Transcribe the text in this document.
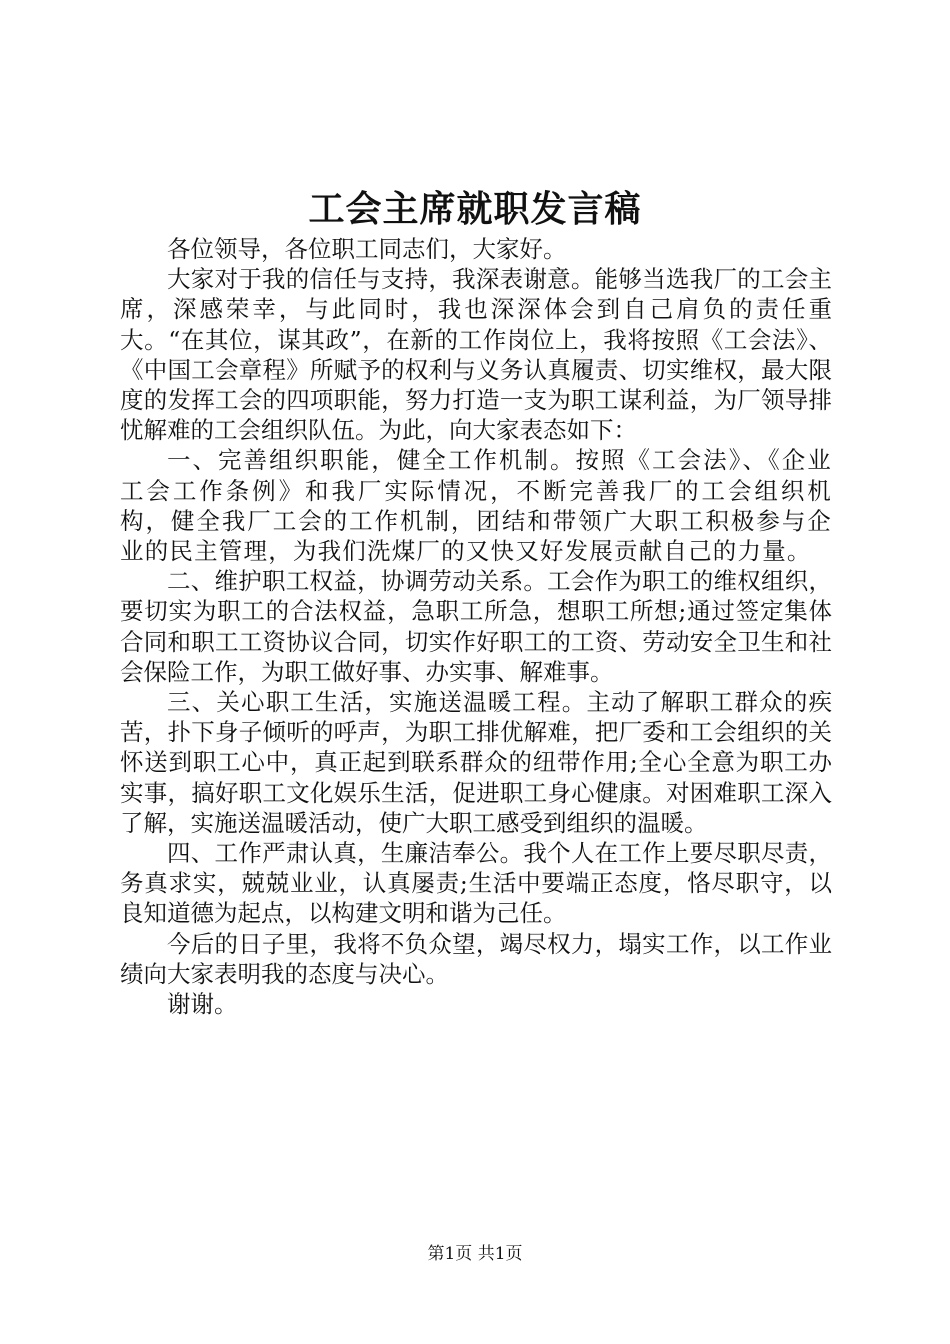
工会主席就职发言稿

各位领导，各位职工同志们，大家好。

大家对于我的信任与支持，我深表谢意。能够当选我厂的工会主席，深感荣幸，与此同时，我也深深体会到自己肩负的责任重大。“在其位，谋其政”，在新的工作岗位上，我将按照《工会法》、《中国工会章程》所赋予的权利与义务认真履责、切实维权，最大限度的发挥工会的四项职能，努力打造一支为职工谋利益，为厂领导排忧解难的工会组织队伍。为此，向大家表态如下：

一、完善组织职能，健全工作机制。按照《工会法》、《企业工会工作条例》和我厂实际情况，不断完善我厂的工会组织机构，健全我厂工会的工作机制，团结和带领广大职工积极参与企业的民主管理，为我们洗煤厂的又快又好发展贡献自己的力量。

二、维护职工权益，协调劳动关系。工会作为职工的维权组织，要切实为职工的合法权益，急职工所急，想职工所想;通过签定集体合同和职工工资协议合同，切实作好职工的工资、劳动安全卫生和社会保险工作，为职工做好事、办实事、解难事。

三、关心职工生活，实施送温暖工程。主动了解职工群众的疾苦，扑下身子倾听的呼声，为职工排优解难，把厂委和工会组织的关怀送到职工心中，真正起到联系群众的纽带作用;全心全意为职工办实事，搞好职工文化娱乐生活，促进职工身心健康。对困难职工深入了解，实施送温暖活动，使广大职工感受到组织的温暖。

四、工作严肃认真，生廉洁奉公。我个人在工作上要尽职尽责，务真求实，兢兢业业，认真屡责;生活中要端正态度，恪尽职守，以良知道德为起点，以构建文明和谐为己任。

今后的日子里，我将不负众望，竭尽权力，塌实工作，以工作业绩向大家表明我的态度与决心。

谢谢。

第1页 共1页
